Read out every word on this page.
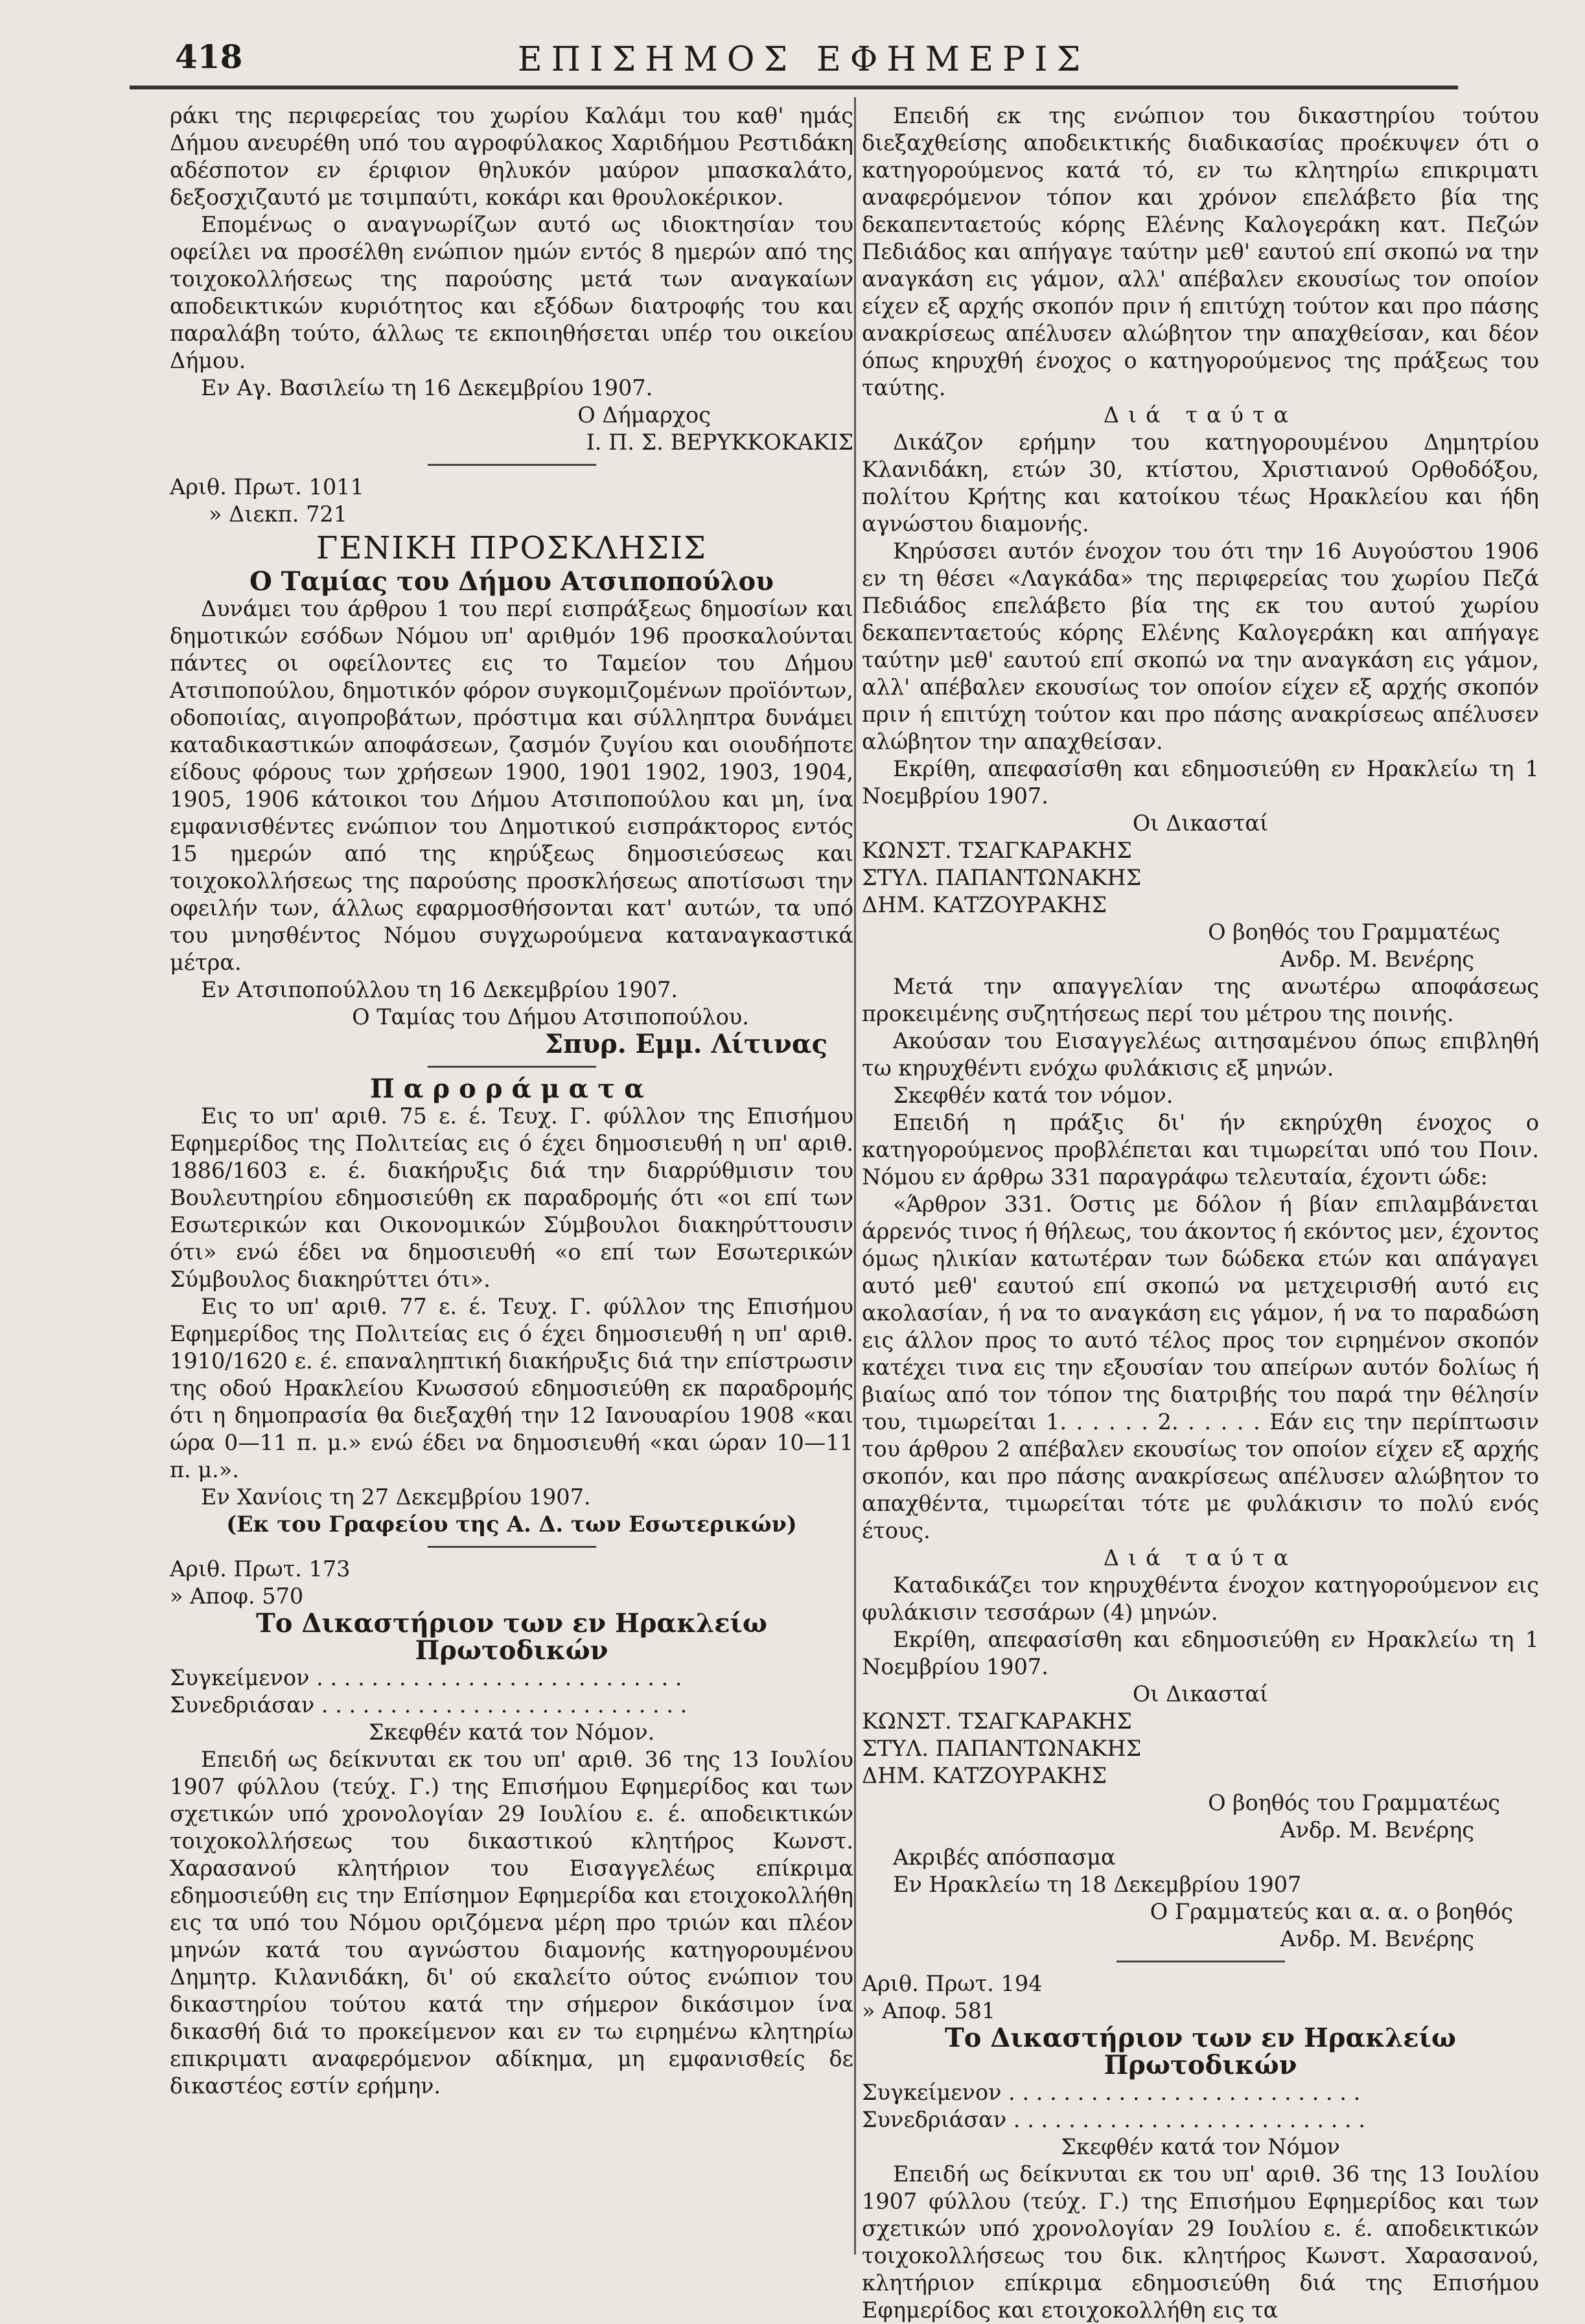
418	ΕΠΙΣΗΜΟΣ ΕΦΗΜΕΡΙΣ

ράκι της περιφερείας του χωρίου Καλάμι του καθ' ημάς Δήμου ανευρέθη υπό του αγροφύλακος Χαριδήμου Ρεστιδάκη αδέσποτον εν έριφιον θηλυκόν μαύρον μπασκαλάτο, δεξοσχιζαυτό με τσιμπαύτι, κοκάρι και θρουλοκέρικον.

Επομένως ο αναγνωρίζων αυτό ως ιδιοκτησίαν του οφείλει να προσέλθη ενώπιον ημών εντός 8 ημερών από της τοιχοκολλήσεως της παρούσης μετά των αναγκαίων αποδεικτικών κυριότητος και εξόδων διατροφής του και παραλάβη τούτο, άλλως τε εκποιηθήσεται υπέρ του οικείου Δήμου.

Εν Αγ. Βασιλείω τη 16 Δεκεμβρίου 1907.

Ο Δήμαρχος

Ι. Π. Σ. ΒΕΡΥΚΚΟΚΑΚΙΣ

Αριθ. Πρωτ. 1011

» Διεκπ. 721

ΓΕΝΙΚΗ ΠΡΟΣΚΛΗΣΙΣ

Ο Ταμίας του Δήμου Ατσιποπούλου

Δυνάμει του άρθρου 1 του περί εισπράξεως δημοσίων και δημοτικών εσόδων Νόμου υπ' αριθμόν 196 προσκαλούνται πάντες οι οφείλοντες εις το Ταμείον του Δήμου Ατσιποπούλου, δημοτικόν φόρον συγκομιζομένων προϊόντων, οδοποιίας, αιγοπροβάτων, πρόστιμα και σύλληπτρα δυνάμει καταδικαστικών αποφάσεων, ζασμόν ζυγίου και οιουδήποτε είδους φόρους των χρήσεων 1900, 1901 1902, 1903, 1904, 1905, 1906 κάτοικοι του Δήμου Ατσιποπούλου και μη, ίνα εμφανισθέντες ενώπιον του Δημοτικού εισπράκτορος εντός 15 ημερών από της κηρύξεως δημοσιεύσεως και τοιχοκολλήσεως της παρούσης προσκλήσεως αποτίσωσι την οφειλήν των, άλλως εφαρμοσθήσονται κατ' αυτών, τα υπό του μνησθέντος Νόμου συγχωρούμενα καταναγκαστικά μέτρα.

Εν Ατσιποπούλλου τη 16 Δεκεμβρίου 1907.

Ο Ταμίας του Δήμου Ατσιποπούλου.

Σπυρ. Εμμ. Λίτινας

Παροράματα

Εις το υπ' αριθ. 75 ε. έ. Τευχ. Γ. φύλλον της Επισήμου Εφημερίδος της Πολιτείας εις ό έχει δημοσιευθή η υπ' αριθ. 1886/1603 ε. έ. διακήρυξις διά την διαρρύθμισιν του Βουλευτηρίου εδημοσιεύθη εκ παραδρομής ότι «οι επί των Εσωτερικών και Οικονομικών Σύμβουλοι διακηρύττουσιν ότι» ενώ έδει να δημοσιευθή «ο επί των Εσωτερικών Σύμβουλος διακηρύττει ότι».

Εις το υπ' αριθ. 77 ε. έ. Τευχ. Γ. φύλλον της Επισήμου Εφημερίδος της Πολιτείας εις ό έχει δημοσιευθή η υπ' αριθ. 1910/1620 ε. έ. επαναληπτική διακήρυξις διά την επίστρωσιν της οδού Ηρακλείου Κνωσσού εδημοσιεύθη εκ παραδρομής ότι η δημοπρασία θα διεξαχθή την 12 Ιανουαρίου 1908 «και ώρα 0—11 π. μ.» ενώ έδει να δημοσιευθή «και ώραν 10—11 π. μ.».

Εν Χανίοις τη 27 Δεκεμβρίου 1907.

(Εκ του Γραφείου της Α. Δ. των Εσωτερικών)

Αριθ. Πρωτ. 173

» Αποφ. 570

Το Δικαστήριον των εν Ηρακλείω Πρωτοδικών

Συγκείμενον . . . . . . . . . . . . . . . . . . . . . . . . . . .

Συνεδριάσαν . . . . . . . . . . . . . . . . . . . . . . . . . . .

Σκεφθέν κατά τον Νόμον.

Επειδή ως δείκνυται εκ του υπ' αριθ. 36 της 13 Ιουλίου 1907 φύλλου (τεύχ. Γ.) της Επισήμου Εφημερίδος και των σχετικών υπό χρονολογίαν 29 Ιουλίου ε. έ. αποδεικτικών τοιχοκολλήσεως του δικαστικού κλητήρος Κωνστ. Χαρασανού κλητήριον του Εισαγγελέως επίκριμα εδημοσιεύθη εις την Επίσημον Εφημερίδα και ετοιχοκολλήθη εις τα υπό του Νόμου οριζόμενα μέρη προ τριών και πλέον μηνών κατά του αγνώστου διαμονής κατηγορουμένου Δημητρ. Κιλανιδάκη, δι' ού εκαλείτο ούτος ενώπιον του δικαστηρίου τούτου κατά την σήμερον δικάσιμον ίνα δικασθή διά το προκείμενον και εν τω ειρημένω κλητηρίω επικριματι αναφερόμενον αδίκημα, μη εμφανισθείς δε δικαστέος εστίν ερήμην.

Επειδή εκ της ενώπιον του δικαστηρίου τούτου διεξαχθείσης αποδεικτικής διαδικασίας προέκυψεν ότι ο κατηγορούμενος κατά τό, εν τω κλητηρίω επικριματι αναφερόμενον τόπον και χρόνον επελάβετο βία της δεκαπενταετούς κόρης Ελένης Καλογεράκη κατ. Πεζών Πεδιάδος και απήγαγε ταύτην μεθ' εαυτού επί σκοπώ να την αναγκάση εις γάμον, αλλ' απέβαλεν εκουσίως τον οποίον είχεν εξ αρχής σκοπόν πριν ή επιτύχη τούτον και προ πάσης ανακρίσεως απέλυσεν αλώβητον την απαχθείσαν, και δέον όπως κηρυχθή ένοχος ο κατηγορούμενος της πράξεως του ταύτης.

Διά ταύτα

Δικάζον ερήμην του κατηγορουμένου Δημητρίου Κλανιδάκη, ετών 30, κτίστου, Χριστιανού Ορθοδόξου, πολίτου Κρήτης και κατοίκου τέως Ηρακλείου και ήδη αγνώστου διαμονής.

Κηρύσσει αυτόν ένοχον του ότι την 16 Αυγούστου 1906 εν τη θέσει «Λαγκάδα» της περιφερείας του χωρίου Πεζά Πεδιάδος επελάβετο βία της εκ του αυτού χωρίου δεκαπενταετούς κόρης Ελένης Καλογεράκη και απήγαγε ταύτην μεθ' εαυτού επί σκοπώ να την αναγκάση εις γάμον, αλλ' απέβαλεν εκουσίως τον οποίον είχεν εξ αρχής σκοπόν πριν ή επιτύχη τούτον και προ πάσης ανακρίσεως απέλυσεν αλώβητον την απαχθείσαν.

Εκρίθη, απεφασίσθη και εδημοσιεύθη εν Ηρακλείω τη 1 Νοεμβρίου 1907.

Οι Δικασταί

ΚΩΝΣΤ. ΤΣΑΓΚΑΡΑΚΗΣ

ΣΤΥΛ. ΠΑΠΑΝΤΩΝΑΚΗΣ

ΔΗΜ. ΚΑΤΖΟΥΡΑΚΗΣ

Ο βοηθός του Γραμματέως

Ανδρ. Μ. Βενέρης

Μετά την απαγγελίαν της ανωτέρω αποφάσεως προκειμένης συζητήσεως περί του μέτρου της ποινής.

Ακούσαν του Εισαγγελέως αιτησαμένου όπως επιβληθή τω κηρυχθέντι ενόχω φυλάκισις εξ μηνών.

Σκεφθέν κατά τον νόμον.

Επειδή η πράξις δι' ήν εκηρύχθη ένοχος ο κατηγορούμενος προβλέπεται και τιμωρείται υπό του Ποιν. Νόμου εν άρθρω 331 παραγράφω τελευταία, έχοντι ώδε:

«Άρθρον 331. Όστις με δόλον ή βίαν επιλαμβάνεται άρρενός τινος ή θήλεως, του άκοντος ή εκόντος μεν, έχοντος όμως ηλικίαν κατωτέραν των δώδεκα ετών και απάγαγει αυτό μεθ' εαυτού επί σκοπώ να μετχειρισθή αυτό εις ακολασίαν, ή να το αναγκάση εις γάμον, ή να το παραδώση εις άλλον προς το αυτό τέλος προς τον ειρημένον σκοπόν κατέχει τινα εις την εξουσίαν του απείρων αυτόν δολίως ή βιαίως από τον τόπον της διατριβής του παρά την θέλησίν του, τιμωρείται 1. . . . . . 2. . . . . . Εάν εις την περίπτωσιν του άρθρου 2 απέβαλεν εκουσίως τον οποίον είχεν εξ αρχής σκοπόν, και προ πάσης ανακρίσεως απέλυσεν αλώβητον το απαχθέντα, τιμωρείται τότε με φυλάκισιν το πολύ ενός έτους.

Διά ταύτα

Καταδικάζει τον κηρυχθέντα ένοχον κατηγορούμενον εις φυλάκισιν τεσσάρων (4) μηνών.

Εκρίθη, απεφασίσθη και εδημοσιεύθη εν Ηρακλείω τη 1 Νοεμβρίου 1907.

Οι Δικασταί

ΚΩΝΣΤ. ΤΣΑΓΚΑΡΑΚΗΣ

ΣΤΥΛ. ΠΑΠΑΝΤΩΝΑΚΗΣ

ΔΗΜ. ΚΑΤΖΟΥΡΑΚΗΣ

Ο βοηθός του Γραμματέως

Ανδρ. Μ. Βενέρης

Ακριβές απόσπασμα

Εν Ηρακλείω τη 18 Δεκεμβρίου 1907

Ο Γραμματεύς και α. α. ο βοηθός

Ανδρ. Μ. Βενέρης

Αριθ. Πρωτ. 194

» Αποφ. 581

Το Δικαστήριον των εν Ηρακλείω Πρωτοδικών

Συγκείμενον . . . . . . . . . . . . . . . . . . . . . . . . . .

Συνεδριάσαν . . . . . . . . . . . . . . . . . . . . . . . . . .

Σκεφθέν κατά τον Νόμον

Επειδή ως δείκνυται εκ του υπ' αριθ. 36 της 13 Ιουλίου 1907 φύλλου (τεύχ. Γ.) της Επισήμου Εφημερίδος και των σχετικών υπό χρονολογίαν 29 Ιουλίου ε. έ. αποδεικτικών τοιχοκολλήσεως του δικ. κλητήρος Κωνστ. Χαρασανού, κλητήριον επίκριμα εδημοσιεύθη διά της Επισήμου Εφημερίδος και ετοιχοκολλήθη εις τα
